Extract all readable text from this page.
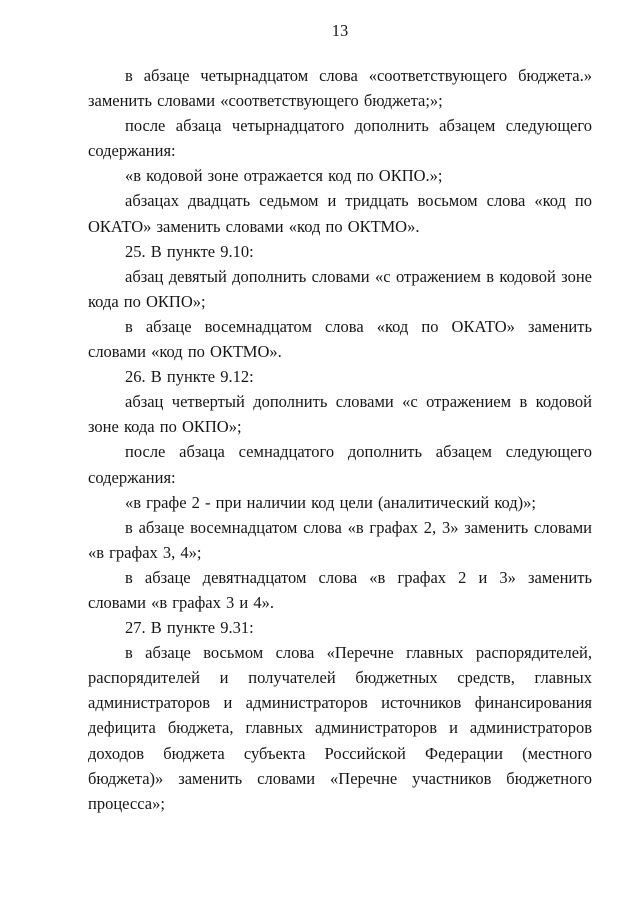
13

в абзаце четырнадцатом слова «соответствующего бюджета.» заменить словами «соответствующего бюджета;»;

после абзаца четырнадцатого дополнить абзацем следующего содержания:

«в кодовой зоне отражается код по ОКПО.»;

абзацах двадцать седьмом и тридцать восьмом слова «код по ОКАТО» заменить словами «код по ОКТМО».

25. В пункте 9.10:

абзац девятый дополнить словами «с отражением в кодовой зоне кода по ОКПО»;

в абзаце восемнадцатом слова «код по ОКАТО» заменить словами «код по ОКТМО».

26. В пункте 9.12:

абзац четвертый дополнить словами «с отражением в кодовой зоне кода по ОКПО»;

после абзаца семнадцатого дополнить абзацем следующего содержания:

«в графе 2 - при наличии код цели (аналитический код)»;

в абзаце восемнадцатом слова «в графах 2, 3» заменить словами «в графах 3, 4»;

в абзаце девятнадцатом слова «в графах 2 и 3» заменить словами «в графах 3 и 4».

27. В пункте 9.31:

в абзаце восьмом слова «Перечне главных распорядителей, распорядителей и получателей бюджетных средств, главных администраторов и администраторов источников финансирования дефицита бюджета, главных администраторов и администраторов доходов бюджета субъекта Российской Федерации (местного бюджета)» заменить словами «Перечне участников бюджетного процесса»;
